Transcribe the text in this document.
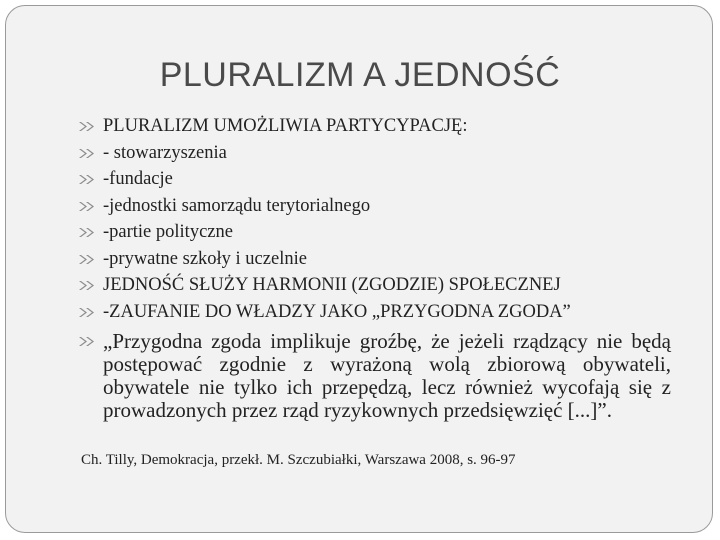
PLURALIZM A JEDNOŚĆ
PLURALIZM UMOŻLIWIA PARTYCYPACJĘ:
- stowarzyszenia
-fundacje
-jednostki samorządu terytorialnego
-partie polityczne
-prywatne szkoły i uczelnie
JEDNOŚĆ SŁUŻY HARMONII (ZGODZIE) SPOŁECZNEJ
-ZAUFANIE DO WŁADZY JAKO „PRZYGODNA ZGODA”
„Przygodna zgoda implikuje groźbę, że jeżeli rządzący nie będą postępować zgodnie z wyrażoną wolą zbiorową obywateli, obywatele nie tylko ich przepędzą, lecz również wycofają się z prowadzonych przez rząd ryzykownych przedsięwzięć [...]”.
Ch. Tilly, Demokracja, przekł. M. Szczubiałki, Warszawa 2008, s. 96-97
